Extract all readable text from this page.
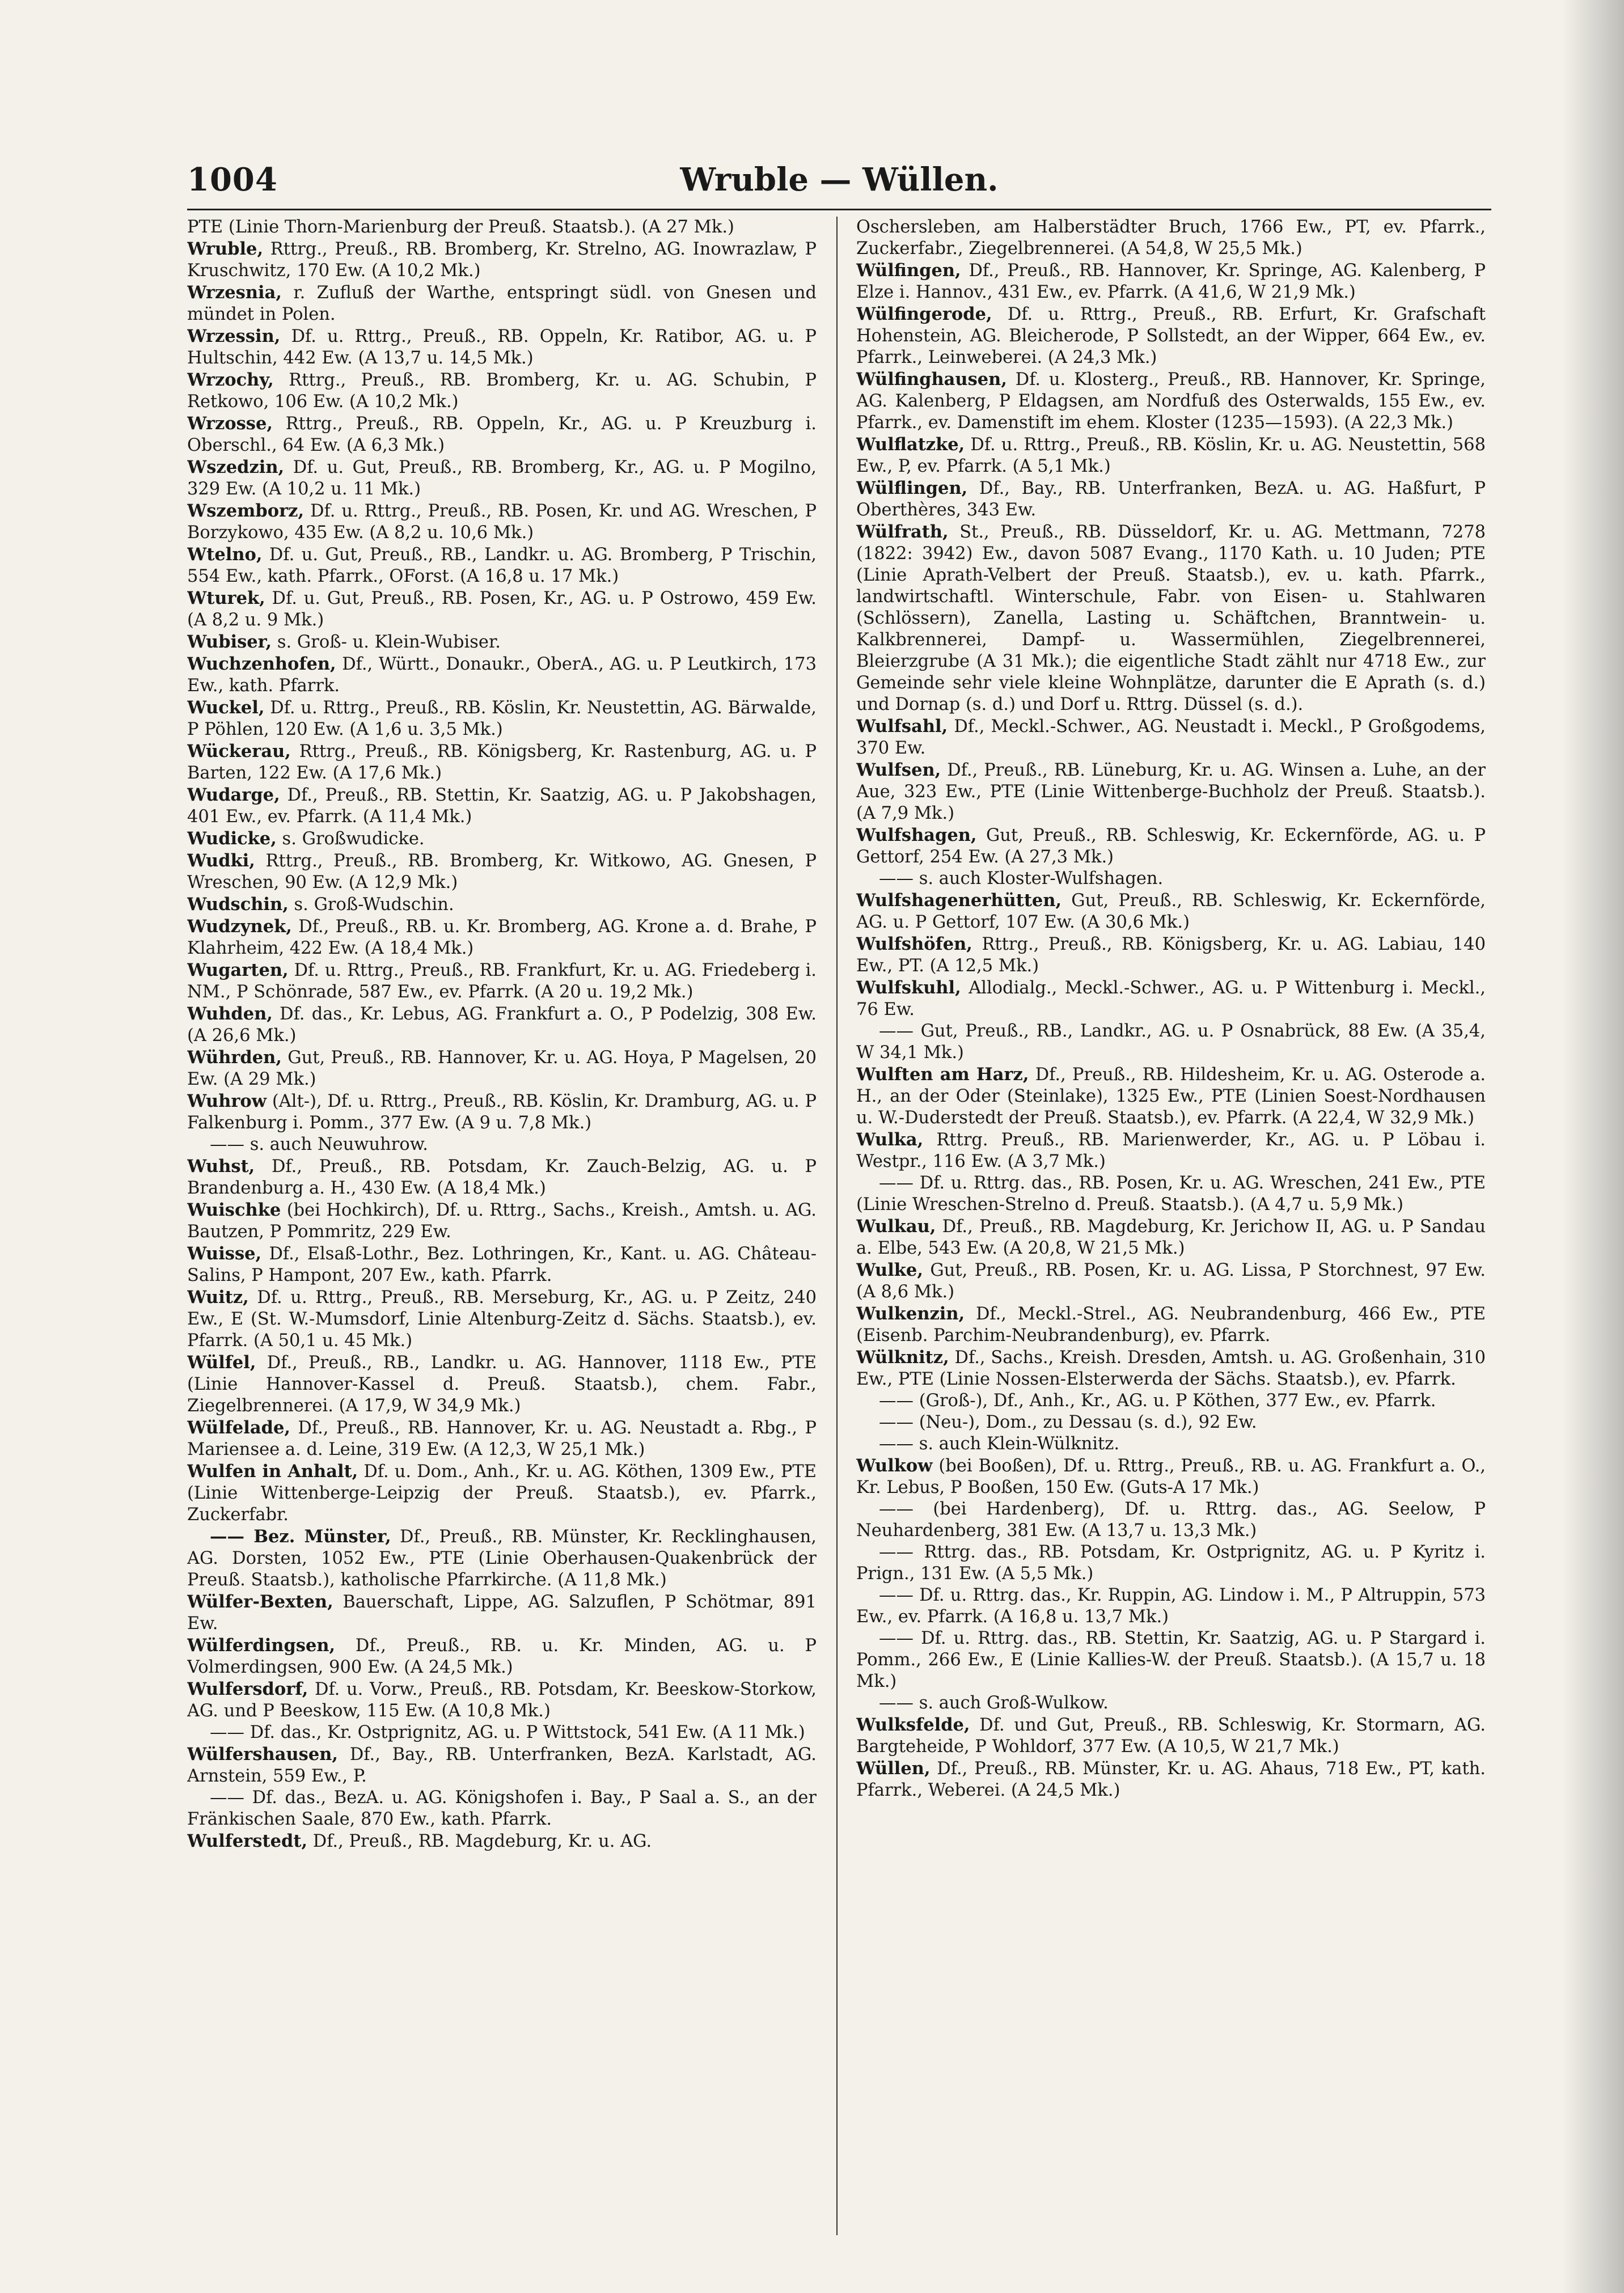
1004	Wruble — Wüllen.

PTE (Linie Thorn-Marienburg der Preuß. Staatsb.). (A 27 Mk.)

Wruble, Rttrg., Preuß., RB. Bromberg, Kr. Strelno, AG. Inowrazlaw, P Kruschwitz, 170 Ew. (A 10,2 Mk.)

Wrzesnia, r. Zufluß der Warthe, entspringt südl. von Gnesen und mündet in Polen.

Wrzessin, Df. u. Rttrg., Preuß., RB. Oppeln, Kr. Ratibor, AG. u. P Hultschin, 442 Ew. (A 13,7 u. 14,5 Mk.)

Wrzochy, Rttrg., Preuß., RB. Bromberg, Kr. u. AG. Schubin, P Retkowo, 106 Ew. (A 10,2 Mk.)

Wrzosse, Rttrg., Preuß., RB. Oppeln, Kr., AG. u. P Kreuzburg i. Oberschl., 64 Ew. (A 6,3 Mk.)

Wszedzin, Df. u. Gut, Preuß., RB. Bromberg, Kr., AG. u. P Mogilno, 329 Ew. (A 10,2 u. 11 Mk.)

Wszemborz, Df. u. Rttrg., Preuß., RB. Posen, Kr. und AG. Wreschen, P Borzykowo, 435 Ew. (A 8,2 u. 10,6 Mk.)

Wtelno, Df. u. Gut, Preuß., RB., Landkr. u. AG. Bromberg, P Trischin, 554 Ew., kath. Pfarrk., OForst. (A 16,8 u. 17 Mk.)

Wturek, Df. u. Gut, Preuß., RB. Posen, Kr., AG. u. P Ostrowo, 459 Ew. (A 8,2 u. 9 Mk.)

Wubiser, s. Groß- u. Klein-Wubiser.

Wuchzenhofen, Df., Württ., Donaukr., OberA., AG. u. P Leutkirch, 173 Ew., kath. Pfarrk.

Wuckel, Df. u. Rttrg., Preuß., RB. Köslin, Kr. Neustettin, AG. Bärwalde, P Pöhlen, 120 Ew. (A 1,6 u. 3,5 Mk.)

Wückerau, Rttrg., Preuß., RB. Königsberg, Kr. Rastenburg, AG. u. P Barten, 122 Ew. (A 17,6 Mk.)

Wudarge, Df., Preuß., RB. Stettin, Kr. Saatzig, AG. u. P Jakobshagen, 401 Ew., ev. Pfarrk. (A 11,4 Mk.)

Wudicke, s. Großwudicke.

Wudki, Rttrg., Preuß., RB. Bromberg, Kr. Witkowo, AG. Gnesen, P Wreschen, 90 Ew. (A 12,9 Mk.)

Wudschin, s. Groß-Wudschin.

Wudzynek, Df., Preuß., RB. u. Kr. Bromberg, AG. Krone a. d. Brahe, P Klahrheim, 422 Ew. (A 18,4 Mk.)

Wugarten, Df. u. Rttrg., Preuß., RB. Frankfurt, Kr. u. AG. Friedeberg i. NM., P Schönrade, 587 Ew., ev. Pfarrk. (A 20 u. 19,2 Mk.)

Wuhden, Df. das., Kr. Lebus, AG. Frankfurt a. O., P Podelzig, 308 Ew. (A 26,6 Mk.)

Wührden, Gut, Preuß., RB. Hannover, Kr. u. AG. Hoya, P Magelsen, 20 Ew. (A 29 Mk.)

Wuhrow (Alt-), Df. u. Rttrg., Preuß., RB. Köslin, Kr. Dramburg, AG. u. P Falkenburg i. Pomm., 377 Ew. (A 9 u. 7,8 Mk.)

—— s. auch Neuwuhrow.

Wuhst, Df., Preuß., RB. Potsdam, Kr. Zauch-Belzig, AG. u. P Brandenburg a. H., 430 Ew. (A 18,4 Mk.)

Wuischke (bei Hochkirch), Df. u. Rttrg., Sachs., Kreish., Amtsh. u. AG. Bautzen, P Pommritz, 229 Ew.

Wuisse, Df., Elsaß-Lothr., Bez. Lothringen, Kr., Kant. u. AG. Château-Salins, P Hampont, 207 Ew., kath. Pfarrk.

Wuitz, Df. u. Rttrg., Preuß., RB. Merseburg, Kr., AG. u. P Zeitz, 240 Ew., E (St. W.-Mumsdorf, Linie Altenburg-Zeitz d. Sächs. Staatsb.), ev. Pfarrk. (A 50,1 u. 45 Mk.)

Wülfel, Df., Preuß., RB., Landkr. u. AG. Hannover, 1118 Ew., PTE (Linie Hannover-Kassel d. Preuß. Staatsb.), chem. Fabr., Ziegelbrennerei. (A 17,9, W 34,9 Mk.)

Wülfelade, Df., Preuß., RB. Hannover, Kr. u. AG. Neustadt a. Rbg., P Mariensee a. d. Leine, 319 Ew. (A 12,3, W 25,1 Mk.)

Wulfen in Anhalt, Df. u. Dom., Anh., Kr. u. AG. Köthen, 1309 Ew., PTE (Linie Wittenberge-Leipzig der Preuß. Staatsb.), ev. Pfarrk., Zuckerfabr.

—— Bez. Münster, Df., Preuß., RB. Münster, Kr. Recklinghausen, AG. Dorsten, 1052 Ew., PTE (Linie Oberhausen-Quakenbrück der Preuß. Staatsb.), katholische Pfarrkirche. (A 11,8 Mk.)

Wülfer-Bexten, Bauerschaft, Lippe, AG. Salzuflen, P Schötmar, 891 Ew.

Wülferdingsen, Df., Preuß., RB. u. Kr. Minden, AG. u. P Volmerdingsen, 900 Ew. (A 24,5 Mk.)

Wulfersdorf, Df. u. Vorw., Preuß., RB. Potsdam, Kr. Beeskow-Storkow, AG. und P Beeskow, 115 Ew. (A 10,8 Mk.)

—— Df. das., Kr. Ostprignitz, AG. u. P Wittstock, 541 Ew. (A 11 Mk.)

Wülfershausen, Df., Bay., RB. Unterfranken, BezA. Karlstadt, AG. Arnstein, 559 Ew., P.

—— Df. das., BezA. u. AG. Königshofen i. Bay., P Saal a. S., an der Fränkischen Saale, 870 Ew., kath. Pfarrk.

Wulferstedt, Df., Preuß., RB. Magdeburg, Kr. u. AG.

Oschersleben, am Halberstädter Bruch, 1766 Ew., PT, ev. Pfarrk., Zuckerfabr., Ziegelbrennerei. (A 54,8, W 25,5 Mk.)

Wülfingen, Df., Preuß., RB. Hannover, Kr. Springe, AG. Kalenberg, P Elze i. Hannov., 431 Ew., ev. Pfarrk. (A 41,6, W 21,9 Mk.)

Wülfingerode, Df. u. Rttrg., Preuß., RB. Erfurt, Kr. Grafschaft Hohenstein, AG. Bleicherode, P Sollstedt, an der Wipper, 664 Ew., ev. Pfarrk., Leinweberei. (A 24,3 Mk.)

Wülfinghausen, Df. u. Klosterg., Preuß., RB. Hannover, Kr. Springe, AG. Kalenberg, P Eldagsen, am Nordfuß des Osterwalds, 155 Ew., ev. Pfarrk., ev. Damenstift im ehem. Kloster (1235—1593). (A 22,3 Mk.)

Wulflatzke, Df. u. Rttrg., Preuß., RB. Köslin, Kr. u. AG. Neustettin, 568 Ew., P, ev. Pfarrk. (A 5,1 Mk.)

Wülflingen, Df., Bay., RB. Unterfranken, BezA. u. AG. Haßfurt, P Oberthères, 343 Ew.

Wülfrath, St., Preuß., RB. Düsseldorf, Kr. u. AG. Mettmann, 7278 (1822: 3942) Ew., davon 5087 Evang., 1170 Kath. u. 10 Juden; PTE (Linie Aprath-Velbert der Preuß. Staatsb.), ev. u. kath. Pfarrk., landwirtschaftl. Winterschule, Fabr. von Eisen- u. Stahlwaren (Schlössern), Zanella, Lasting u. Schäftchen, Branntwein- u. Kalkbrennerei, Dampf- u. Wassermühlen, Ziegelbrennerei, Bleierzgrube (A 31 Mk.); die eigentliche Stadt zählt nur 4718 Ew., zur Gemeinde sehr viele kleine Wohnplätze, darunter die E Aprath (s. d.) und Dornap (s. d.) und Dorf u. Rttrg. Düssel (s. d.).

Wulfsahl, Df., Meckl.-Schwer., AG. Neustadt i. Meckl., P Großgodems, 370 Ew.

Wulfsen, Df., Preuß., RB. Lüneburg, Kr. u. AG. Winsen a. Luhe, an der Aue, 323 Ew., PTE (Linie Wittenberge-Buchholz der Preuß. Staatsb.). (A 7,9 Mk.)

Wulfshagen, Gut, Preuß., RB. Schleswig, Kr. Eckernförde, AG. u. P Gettorf, 254 Ew. (A 27,3 Mk.)

—— s. auch Kloster-Wulfshagen.

Wulfshagenerhütten, Gut, Preuß., RB. Schleswig, Kr. Eckernförde, AG. u. P Gettorf, 107 Ew. (A 30,6 Mk.)

Wulfshöfen, Rttrg., Preuß., RB. Königsberg, Kr. u. AG. Labiau, 140 Ew., PT. (A 12,5 Mk.)

Wulfskuhl, Allodialg., Meckl.-Schwer., AG. u. P Wittenburg i. Meckl., 76 Ew.

—— Gut, Preuß., RB., Landkr., AG. u. P Osnabrück, 88 Ew. (A 35,4, W 34,1 Mk.)

Wulften am Harz, Df., Preuß., RB. Hildesheim, Kr. u. AG. Osterode a. H., an der Oder (Steinlake), 1325 Ew., PTE (Linien Soest-Nordhausen u. W.-Duderstedt der Preuß. Staatsb.), ev. Pfarrk. (A 22,4, W 32,9 Mk.)

Wulka, Rttrg. Preuß., RB. Marienwerder, Kr., AG. u. P Löbau i. Westpr., 116 Ew. (A 3,7 Mk.)

—— Df. u. Rttrg. das., RB. Posen, Kr. u. AG. Wreschen, 241 Ew., PTE (Linie Wreschen-Strelno d. Preuß. Staatsb.). (A 4,7 u. 5,9 Mk.)

Wulkau, Df., Preuß., RB. Magdeburg, Kr. Jerichow II, AG. u. P Sandau a. Elbe, 543 Ew. (A 20,8, W 21,5 Mk.)

Wulke, Gut, Preuß., RB. Posen, Kr. u. AG. Lissa, P Storchnest, 97 Ew. (A 8,6 Mk.)

Wulkenzin, Df., Meckl.-Strel., AG. Neubrandenburg, 466 Ew., PTE (Eisenb. Parchim-Neubrandenburg), ev. Pfarrk.

Wülknitz, Df., Sachs., Kreish. Dresden, Amtsh. u. AG. Großenhain, 310 Ew., PTE (Linie Nossen-Elsterwerda der Sächs. Staatsb.), ev. Pfarrk.

—— (Groß-), Df., Anh., Kr., AG. u. P Köthen, 377 Ew., ev. Pfarrk.

—— (Neu-), Dom., zu Dessau (s. d.), 92 Ew.

—— s. auch Klein-Wülknitz.

Wulkow (bei Booßen), Df. u. Rttrg., Preuß., RB. u. AG. Frankfurt a. O., Kr. Lebus, P Booßen, 150 Ew. (Guts-A 17 Mk.)

—— (bei Hardenberg), Df. u. Rttrg. das., AG. Seelow, P Neuhardenberg, 381 Ew. (A 13,7 u. 13,3 Mk.)

—— Rttrg. das., RB. Potsdam, Kr. Ostprignitz, AG. u. P Kyritz i. Prign., 131 Ew. (A 5,5 Mk.)

—— Df. u. Rttrg. das., Kr. Ruppin, AG. Lindow i. M., P Altruppin, 573 Ew., ev. Pfarrk. (A 16,8 u. 13,7 Mk.)

—— Df. u. Rttrg. das., RB. Stettin, Kr. Saatzig, AG. u. P Stargard i. Pomm., 266 Ew., E (Linie Kallies-W. der Preuß. Staatsb.). (A 15,7 u. 18 Mk.)

—— s. auch Groß-Wulkow.

Wulksfelde, Df. und Gut, Preuß., RB. Schleswig, Kr. Stormarn, AG. Bargteheide, P Wohldorf, 377 Ew. (A 10,5, W 21,7 Mk.)

Wüllen, Df., Preuß., RB. Münster, Kr. u. AG. Ahaus, 718 Ew., PT, kath. Pfarrk., Weberei. (A 24,5 Mk.)
